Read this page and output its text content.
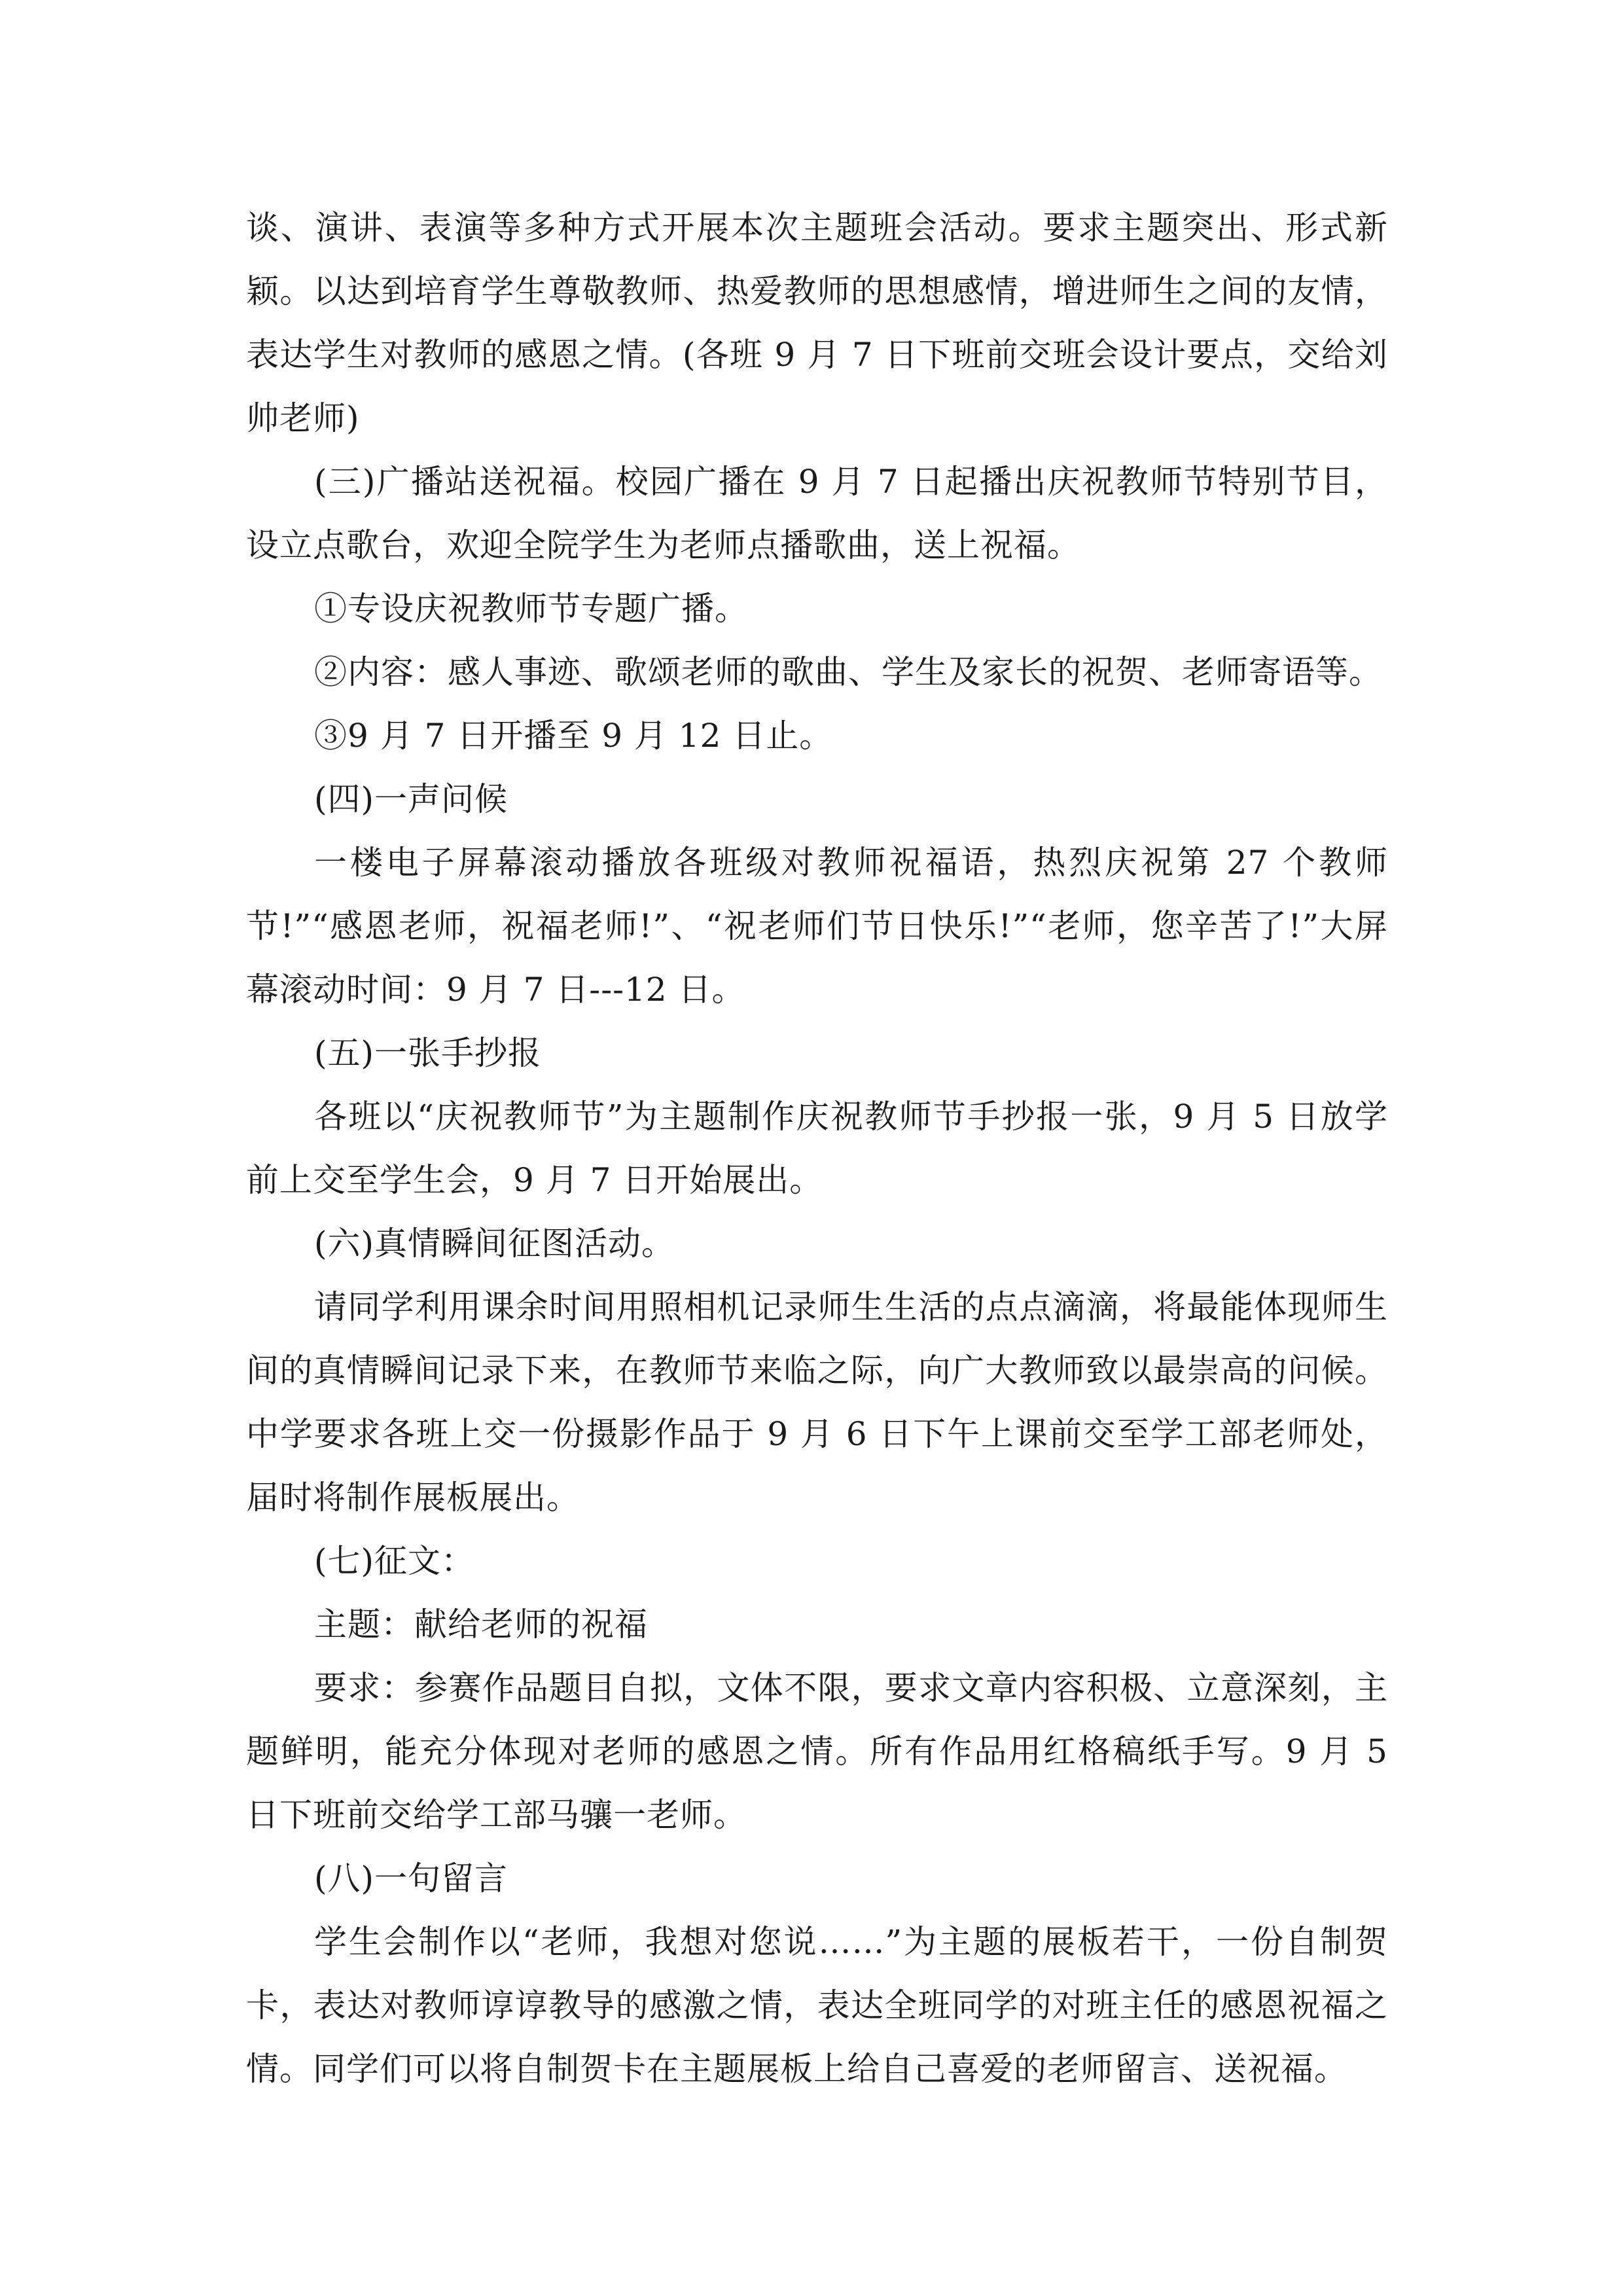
谈、演讲、表演等多种方式开展本次主题班会活动。要求主题突出、形式新颖。以达到培育学生尊敬教师、热爱教师的思想感情，增进师生之间的友情，表达学生对教师的感恩之情。(各班 9 月 7 日下班前交班会设计要点，交给刘帅老师)

(三)广播站送祝福。校园广播在 9 月 7 日起播出庆祝教师节特别节目，设立点歌台，欢迎全院学生为老师点播歌曲，送上祝福。

①专设庆祝教师节专题广播。

②内容：感人事迹、歌颂老师的歌曲、学生及家长的祝贺、老师寄语等。

③9 月 7 日开播至 9 月 12 日止。

(四)一声问候

一楼电子屏幕滚动播放各班级对教师祝福语，热烈庆祝第 27 个教师节!”“感恩老师，祝福老师!”、“祝老师们节日快乐!”“老师，您辛苦了!”大屏幕滚动时间：9 月 7 日---12 日。

(五)一张手抄报

各班以“庆祝教师节”为主题制作庆祝教师节手抄报一张，9 月 5 日放学前上交至学生会，9 月 7 日开始展出。

(六)真情瞬间征图活动。

请同学利用课余时间用照相机记录师生生活的点点滴滴，将最能体现师生间的真情瞬间记录下来，在教师节来临之际，向广大教师致以最崇高的问候。中学要求各班上交一份摄影作品于 9 月 6 日下午上课前交至学工部老师处，届时将制作展板展出。

(七)征文：

主题：献给老师的祝福

要求：参赛作品题目自拟，文体不限，要求文章内容积极、立意深刻，主题鲜明，能充分体现对老师的感恩之情。所有作品用红格稿纸手写。9 月 5 日下班前交给学工部马骧一老师。

(八)一句留言

学生会制作以“老师，我想对您说……”为主题的展板若干，一份自制贺卡，表达对教师谆谆教导的感激之情，表达全班同学的对班主任的感恩祝福之情。同学们可以将自制贺卡在主题展板上给自己喜爱的老师留言、送祝福。
